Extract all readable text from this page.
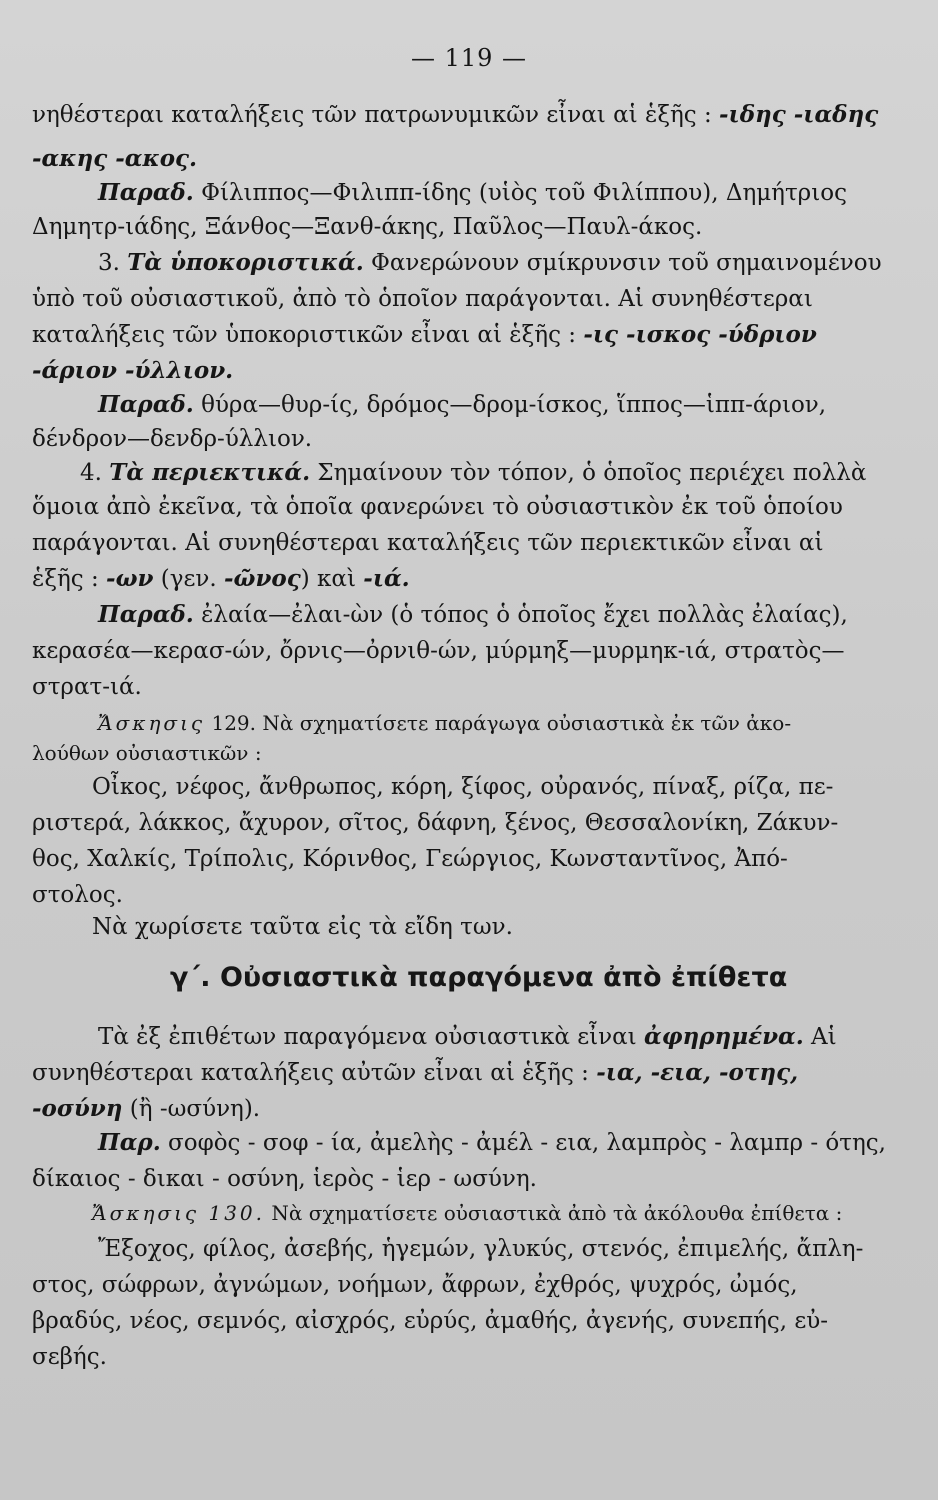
— 119 —
νηθέστεραι καταλήξεις τῶν πατρωνυμικῶν εἶναι αἱ ἑξῆς : -ιδης -ιαδης
-ακης -ακος.
Παραδ. Φίλιππος—Φιλιππ-ίδης (υἱὸς τοῦ Φιλίππου), Δημήτριος
Δημητρ-ιάδης, Ξάνθος—Ξανθ-άκης, Παῦλος—Παυλ-άκος.
3. Τὰ ὑποκοριστικά. Φανερώνουν σμίκρυνσιν τοῦ σημαινομένου
ὑπὸ τοῦ οὐσιαστικοῦ, ἀπὸ τὸ ὁποῖον παράγονται. Αἱ συνηθέστεραι
καταλήξεις τῶν ὑποκοριστικῶν εἶναι αἱ ἑξῆς : -ις -ισκος -ύδριον
-άριον -ύλλιον.
Παραδ. θύρα—θυρ-ίς, δρόμος—δρομ-ίσκος, ἵππος—ἱππ-άριον,
δένδρον—δενδρ-ύλλιον.
4. Τὰ περιεκτικά. Σημαίνουν τὸν τόπον, ὁ ὁποῖος περιέχει πολλὰ
ὅμοια ἀπὸ ἐκεῖνα, τὰ ὁποῖα φανερώνει τὸ οὐσιαστικὸν ἐκ τοῦ ὁποίου
παράγονται. Αἱ συνηθέστεραι καταλήξεις τῶν περιεκτικῶν εἶναι αἱ
ἑξῆς : -ων (γεν. -ῶνος) καὶ -ιά.
Παραδ. ἐλαία—ἐλαι-ὼν (ὁ τόπος ὁ ὁποῖος ἔχει πολλὰς ἐλαίας),
κερασέα—κερασ-ών, ὄρνις—ὀρνιθ-ών, μύρμηξ—μυρμηκ-ιά, στρατὸς—
στρατ-ιά.
Ἄσκησις 129. Νὰ σχηματίσετε παράγωγα οὐσιαστικὰ ἐκ τῶν ἀκο-
λούθων οὐσιαστικῶν :
Οἶκος, νέφος, ἄνθρωπος, κόρη, ξίφος, οὐρανός, πίναξ, ρίζα, πε-
ριστερά, λάκκος, ἄχυρον, σῖτος, δάφνη, ξένος, Θεσσαλονίκη, Ζάκυν-
θος, Χαλκίς, Τρίπολις, Κόρινθος, Γεώργιος, Κωνσταντῖνος, Ἀπό-
στολος.
Νὰ χωρίσετε ταῦτα εἰς τὰ εἴδη των.
γ΄. Οὐσιαστικὰ παραγόμενα ἀπὸ ἐπίθετα
Τὰ ἐξ ἐπιθέτων παραγόμενα οὐσιαστικὰ εἶναι ἀφηρημένα. Αἱ
συνηθέστεραι καταλήξεις αὐτῶν εἶναι αἱ ἑξῆς : -ια, -εια, -οτης,
-οσύνη (ἢ -ωσύνη).
Παρ. σοφὸς - σοφ - ία, ἀμελὴς - ἀμέλ - εια, λαμπρὸς - λαμπρ - ότης,
δίκαιος - δικαι - οσύνη, ἱερὸς - ἱερ - ωσύνη.
Ἄσκησις 130. Νὰ σχηματίσετε οὐσιαστικὰ ἀπὸ τὰ ἀκόλουθα ἐπίθετα :
Ἔξοχος, φίλος, ἀσεβής, ἡγεμών, γλυκύς, στενός, ἐπιμελής, ἄπλη-
στος, σώφρων, ἀγνώμων, νοήμων, ἄφρων, ἐχθρός, ψυχρός, ὠμός,
βραδύς, νέος, σεμνός, αἰσχρός, εὐρύς, ἀμαθής, ἀγενής, συνεπής, εὐ-
σεβής.
